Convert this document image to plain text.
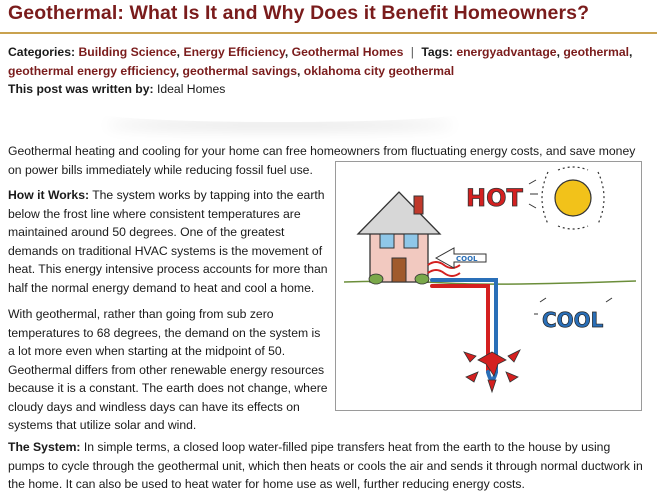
Geothermal: What Is It and Why Does it Benefit Homeowners?
Categories: Building Science, Energy Efficiency, Geothermal Homes | Tags: energyadvantage, geothermal, geothermal energy efficiency, geothermal savings, oklahoma city geothermal
This post was written by: Ideal Homes

Geothermal heating and cooling for your home can free homeowners from fluctuating energy costs, and save money on power bills immediately while reducing fossil fuel use.

How it Works: The system works by tapping into the earth below the frost line where consistent temperatures are maintained around 50 degrees. One of the greatest demands on traditional HVAC systems is the movement of heat. This energy intensive process accounts for more than half the normal energy demand to heat and cool a home.

With geothermal, rather than going from sub zero temperatures to 68 degrees, the demand on the system is a lot more even when starting at the midpoint of 50. Geothermal differs from other renewable energy resources because it is a constant. The earth does not change, where cloudy days and windless days can have its effects on systems that utilize solar and wind.

HOT
COOL
COOL

The System: In simple terms, a closed loop water-filled pipe transfers heat from the earth to the house by using pumps to cycle through the geothermal unit, which then heats or cools the air and sends it through normal ductwork in the home. It can also be used to heat water for home use as well, further reducing energy costs.
